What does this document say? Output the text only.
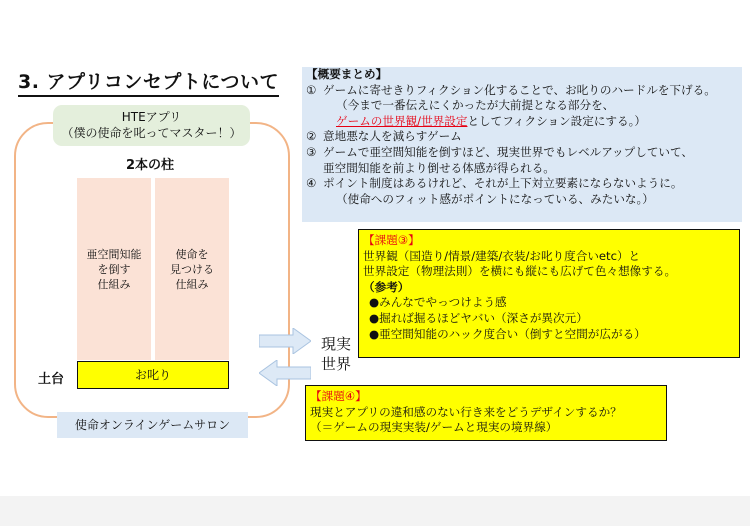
3. アプリコンセプトについて
HTEアプリ
（僕の使命を叱ってマスター！）
2本の柱
亜空間知能
を倒す
仕組み
使命を
見つける
仕組み
土台	お叱り
使命オンラインゲームサロン
現実
世界
【概要まとめ】
① ゲームに寄せきりフィクション化することで、お叱りのハードルを下げる。
（今まで一番伝えにくかったが大前提となる部分を、
ゲームの世界観/世界設定としてフィクション設定にする。）
② 意地悪な人を減らすゲーム
③ ゲームで亜空間知能を倒すほど、現実世界でもレベルアップしていて、
亜空間知能を前より倒せる体感が得られる。
④ ポイント制度はあるけれど、それが上下対立要素にならないように。
（使命へのフィット感がポイントになっている、みたいな。）
【課題③】
世界観（国造り/情景/建築/衣装/お叱り度合いetc）と
世界設定（物理法則）を横にも縦にも広げて色々想像する。
（参考）
●みんなでやっつけよう感
●掘れば掘るほどヤバい（深さが異次元）
●亜空間知能のハック度合い（倒すと空間が広がる）
【課題④】
現実とアプリの違和感のない行き来をどうデザインするか？
（＝ゲームの現実実装/ゲームと現実の境界線）
